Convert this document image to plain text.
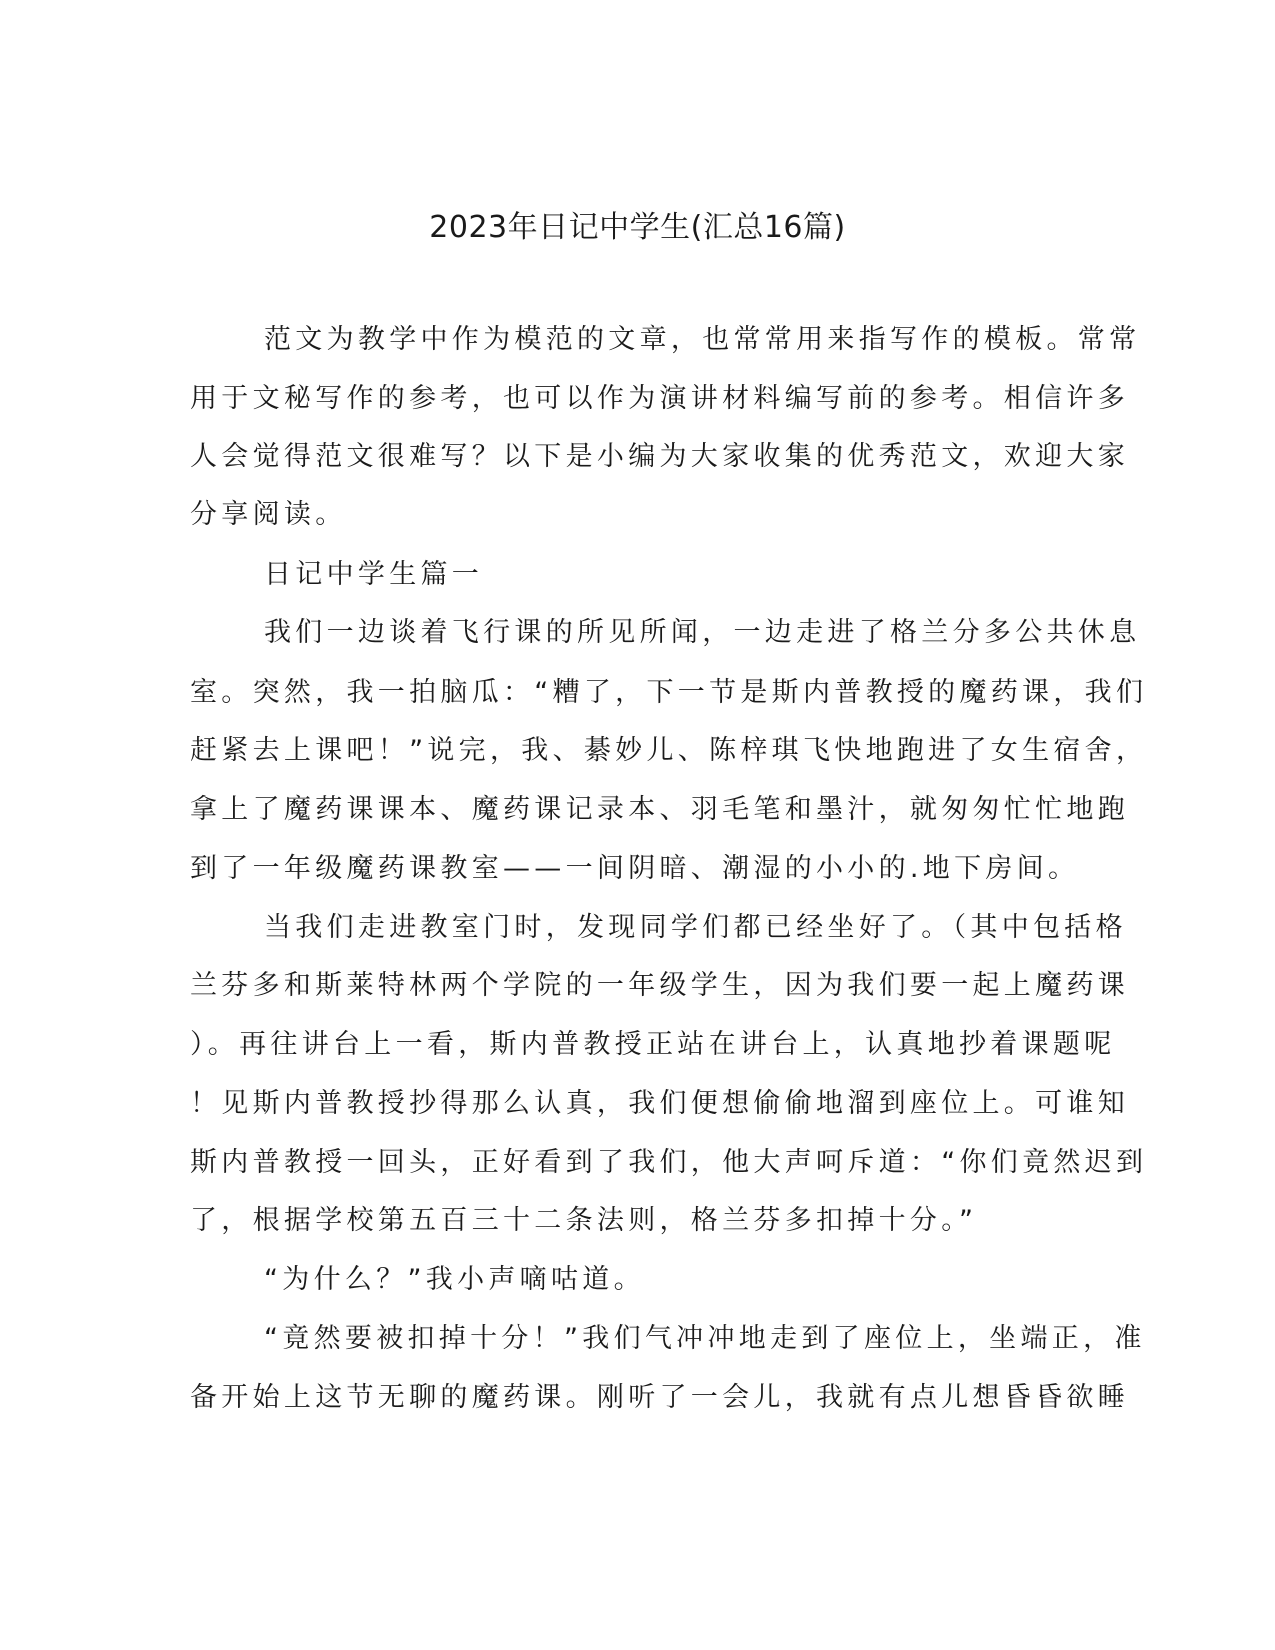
2023年日记中学生(汇总16篇)

范文为教学中作为模范的文章，也常常用来指写作的模板。常常

用于文秘写作的参考，也可以作为演讲材料编写前的参考。相信许多

人会觉得范文很难写？以下是小编为大家收集的优秀范文，欢迎大家

分享阅读。

日记中学生篇一

我们一边谈着飞行课的所见所闻，一边走进了格兰分多公共休息

室。突然，我一拍脑瓜：“糟了，下一节是斯内普教授的魔药课，我们

赶紧去上课吧！”说完，我、綦妙儿、陈梓琪飞快地跑进了女生宿舍，

拿上了魔药课课本、魔药课记录本、羽毛笔和墨汁，就匆匆忙忙地跑

到了一年级魔药课教室——一间阴暗、潮湿的小小的.地下房间。

当我们走进教室门时，发现同学们都已经坐好了。（其中包括格

兰芬多和斯莱特林两个学院的一年级学生，因为我们要一起上魔药课

）。再往讲台上一看，斯内普教授正站在讲台上，认真地抄着课题呢

！见斯内普教授抄得那么认真，我们便想偷偷地溜到座位上。可谁知

斯内普教授一回头，正好看到了我们，他大声呵斥道：“你们竟然迟到

了，根据学校第五百三十二条法则，格兰芬多扣掉十分。”

“为什么？”我小声嘀咕道。

“竟然要被扣掉十分！”我们气冲冲地走到了座位上，坐端正，准

备开始上这节无聊的魔药课。刚听了一会儿，我就有点儿想昏昏欲睡
